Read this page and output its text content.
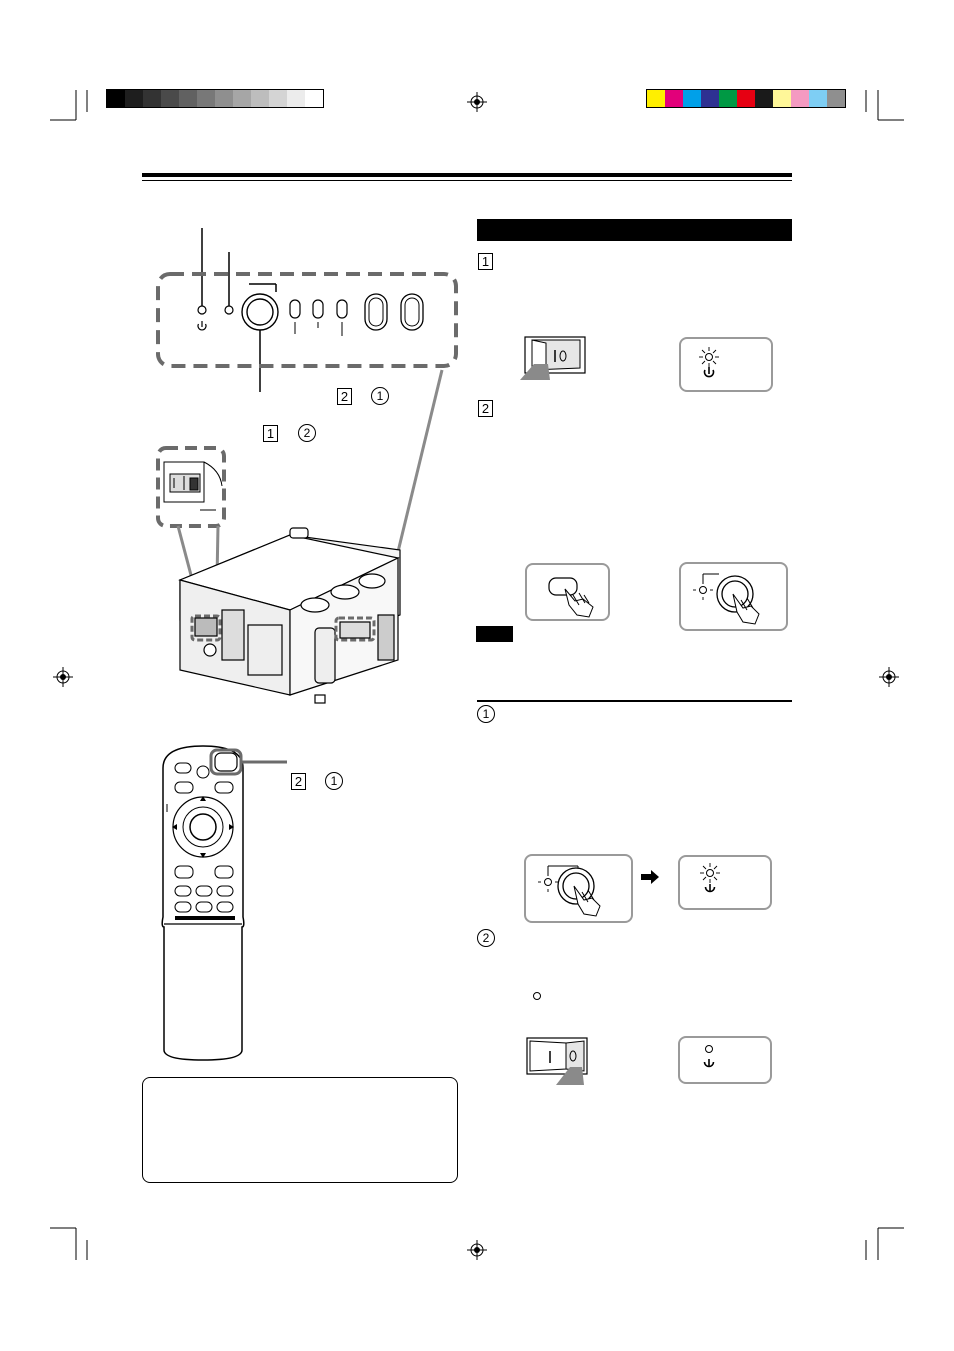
2	1
1	2
2	1
1
2
1
2
